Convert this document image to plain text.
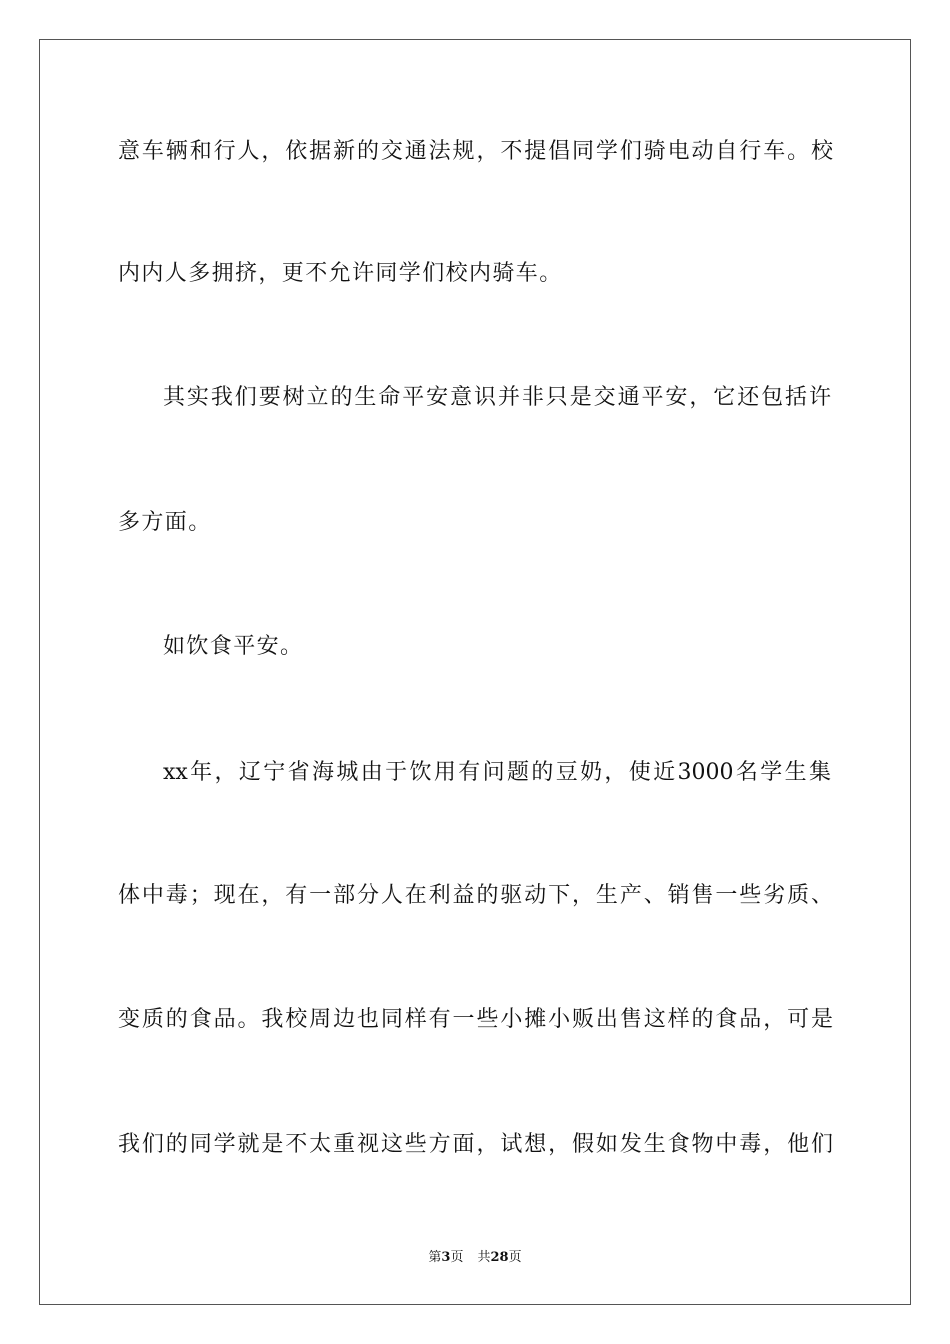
意车辆和行人，依据新的交通法规，不提倡同学们骑电动自行车。校
内内人多拥挤，更不允许同学们校内骑车。
其实我们要树立的生命平安意识并非只是交通平安，它还包括许
多方面。
如饮食平安。
xx年，辽宁省海城由于饮用有问题的豆奶，使近3000名学生集
体中毒；现在，有一部分人在利益的驱动下，生产、销售一些劣质、
变质的食品。我校周边也同样有一些小摊小贩出售这样的食品，可是
我们的同学就是不太重视这些方面，试想，假如发生食物中毒，他们
第3页 共28页
